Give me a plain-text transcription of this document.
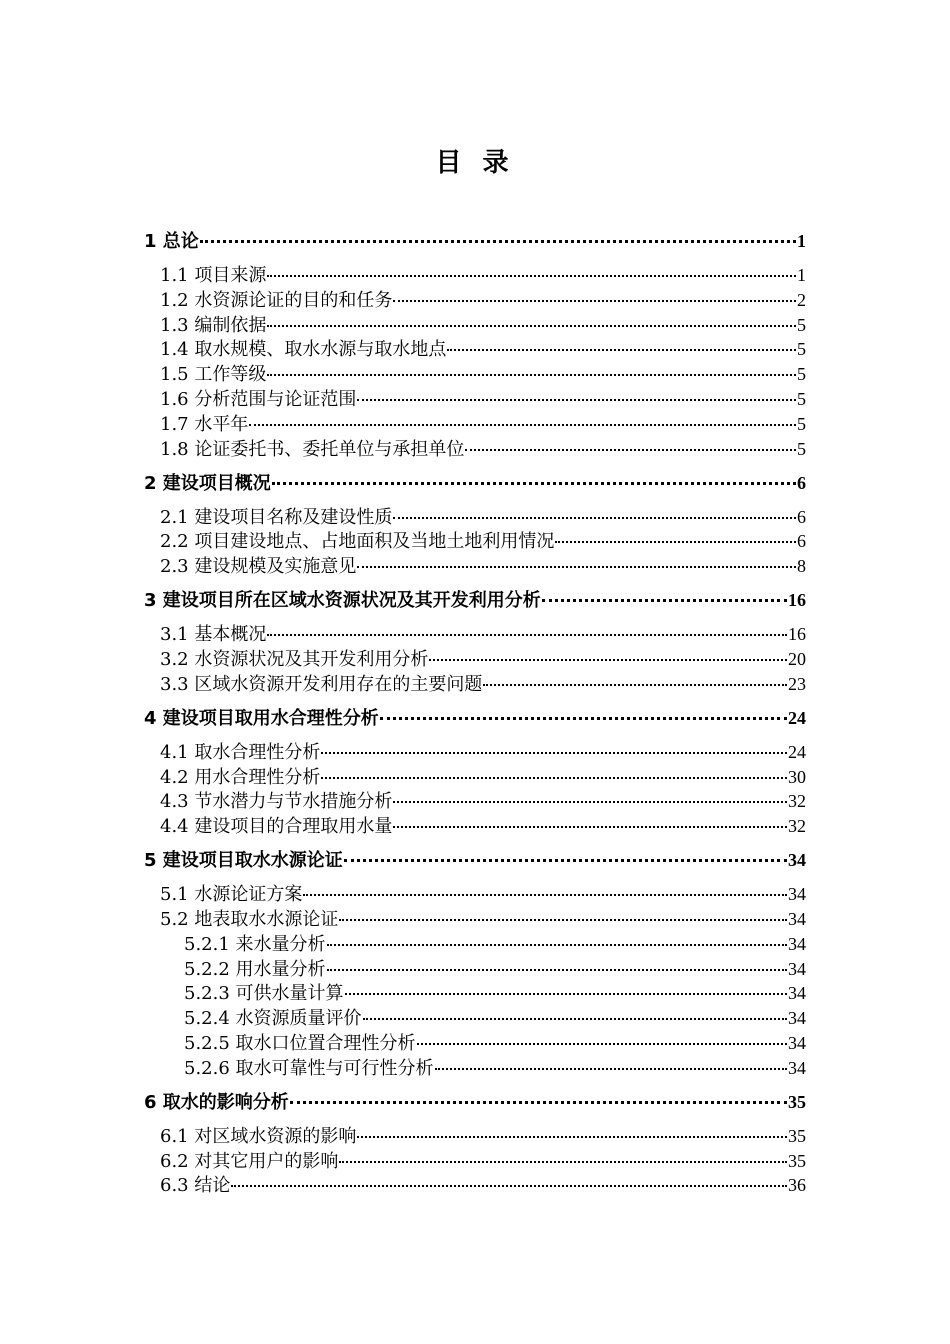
目 录
1 总论	1
1.1 项目来源	1
1.2 水资源论证的目的和任务	2
1.3 编制依据	5
1.4 取水规模、取水水源与取水地点	5
1.5 工作等级	5
1.6 分析范围与论证范围	5
1.7 水平年	5
1.8 论证委托书、委托单位与承担单位	5
2 建设项目概况	6
2.1 建设项目名称及建设性质	6
2.2 项目建设地点、占地面积及当地土地利用情况	6
2.3 建设规模及实施意见	8
3 建设项目所在区域水资源状况及其开发利用分析	16
3.1 基本概况	16
3.2 水资源状况及其开发利用分析	20
3.3 区域水资源开发利用存在的主要问题	23
4 建设项目取用水合理性分析	24
4.1 取水合理性分析	24
4.2 用水合理性分析	30
4.3 节水潜力与节水措施分析	32
4.4 建设项目的合理取用水量	32
5 建设项目取水水源论证	34
5.1 水源论证方案	34
5.2 地表取水水源论证	34
5.2.1 来水量分析	34
5.2.2 用水量分析	34
5.2.3 可供水量计算	34
5.2.4 水资源质量评价	34
5.2.5 取水口位置合理性分析	34
5.2.6 取水可靠性与可行性分析	34
6 取水的影响分析	35
6.1 对区域水资源的影响	35
6.2 对其它用户的影响	35
6.3 结论	36
